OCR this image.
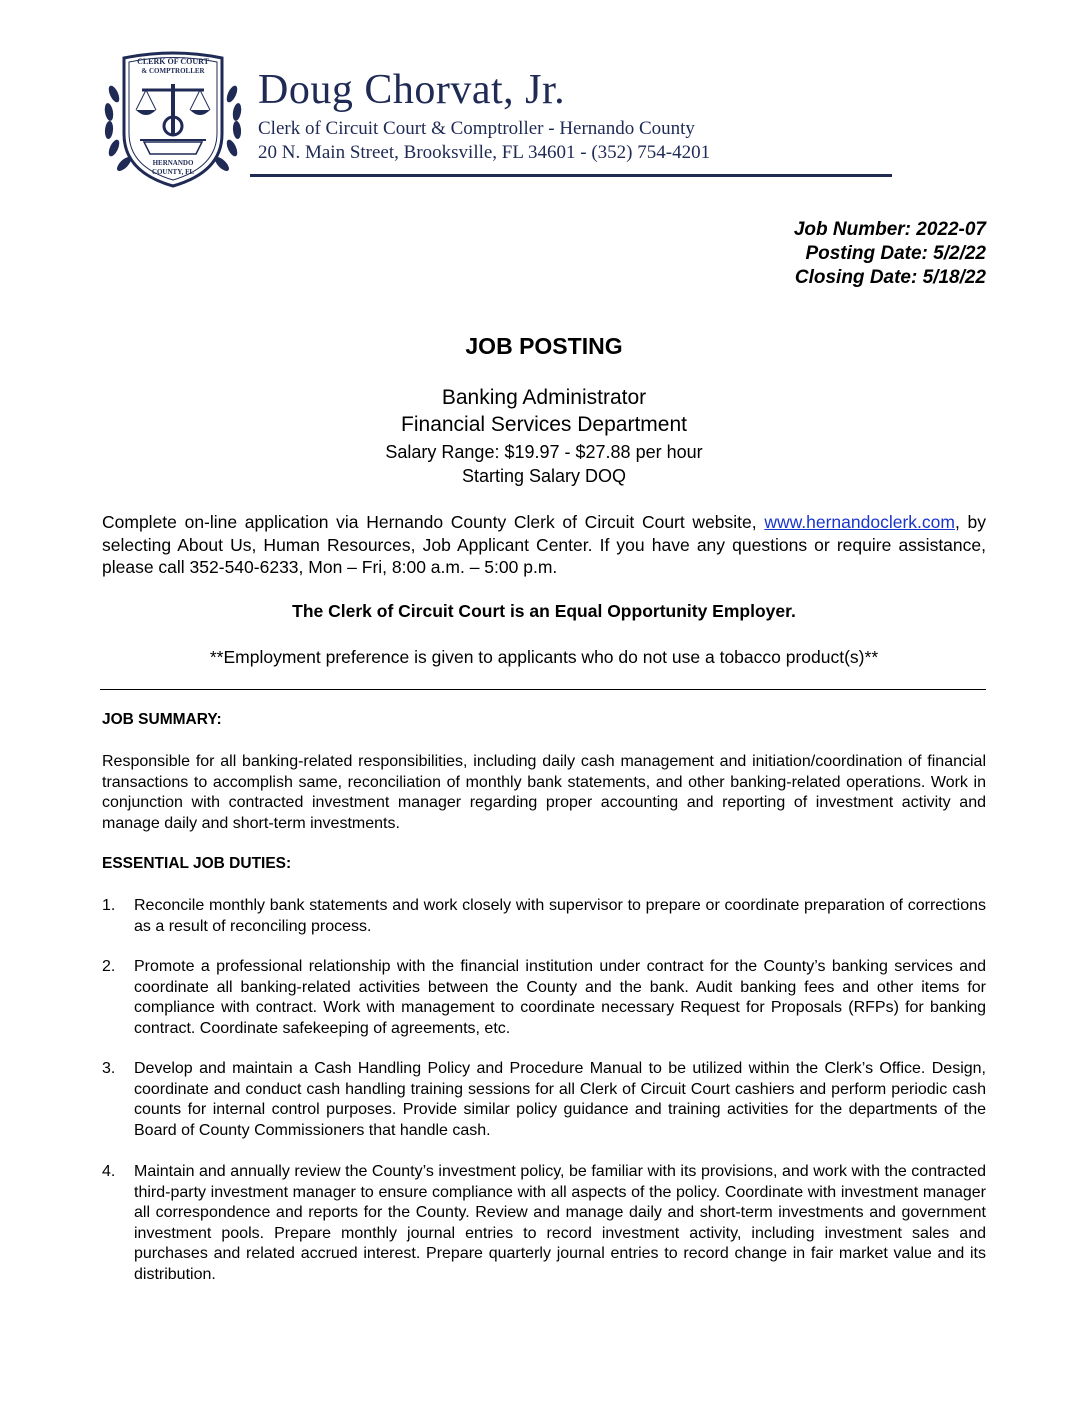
CLERK OF COURT
& COMPTROLLER
HERNANDO
COUNTY, FL
Doug Chorvat, Jr.
Clerk of Circuit Court & Comptroller - Hernando County
20 N. Main Street, Brooksville, FL 34601 - (352) 754-4201
Job Number: 2022-07
Posting Date: 5/2/22
Closing Date: 5/18/22
JOB POSTING
Banking Administrator
Financial Services Department
Salary Range: $19.97 - $27.88 per hour
Starting Salary DOQ
Complete on-line application via Hernando County Clerk of Circuit Court website, www.hernandoclerk.com, by selecting About Us, Human Resources, Job Applicant Center. If you have any questions or require assistance, please call 352-540-6233, Mon – Fri, 8:00 a.m. – 5:00 p.m.
The Clerk of Circuit Court is an Equal Opportunity Employer.
**Employment preference is given to applicants who do not use a tobacco product(s)**
JOB SUMMARY:
Responsible for all banking-related responsibilities, including daily cash management and initiation/coordination of financial transactions to accomplish same, reconciliation of monthly bank statements, and other banking-related operations. Work in conjunction with contracted investment manager regarding proper accounting and reporting of investment activity and manage daily and short-term investments.
ESSENTIAL JOB DUTIES:
1. Reconcile monthly bank statements and work closely with supervisor to prepare or coordinate preparation of corrections as a result of reconciling process.
2. Promote a professional relationship with the financial institution under contract for the County’s banking services and coordinate all banking-related activities between the County and the bank. Audit banking fees and other items for compliance with contract. Work with management to coordinate necessary Request for Proposals (RFPs) for banking contract. Coordinate safekeeping of agreements, etc.
3. Develop and maintain a Cash Handling Policy and Procedure Manual to be utilized within the Clerk’s Office. Design, coordinate and conduct cash handling training sessions for all Clerk of Circuit Court cashiers and perform periodic cash counts for internal control purposes. Provide similar policy guidance and training activities for the departments of the Board of County Commissioners that handle cash.
4. Maintain and annually review the County’s investment policy, be familiar with its provisions, and work with the contracted third-party investment manager to ensure compliance with all aspects of the policy. Coordinate with investment manager all correspondence and reports for the County. Review and manage daily and short-term investments and government investment pools. Prepare monthly journal entries to record investment activity, including investment sales and purchases and related accrued interest. Prepare quarterly journal entries to record change in fair market value and its distribution.
